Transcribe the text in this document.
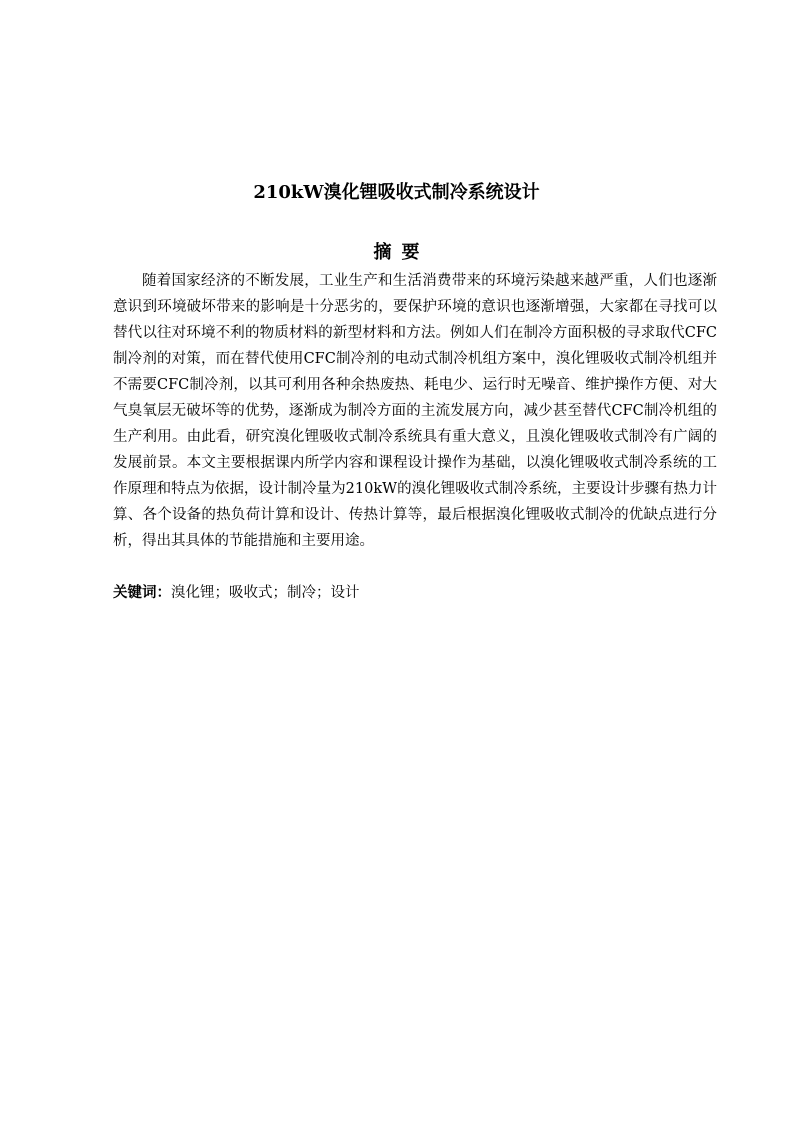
210kW溴化锂吸收式制冷系统设计
摘要

随着国家经济的不断发展，工业生产和生活消费带来的环境污染越来越严重，人们也逐渐意识到环境破坏带来的影响是十分恶劣的，要保护环境的意识也逐渐增强，大家都在寻找可以替代以往对环境不利的物质材料的新型材料和方法。例如人们在制冷方面积极的寻求取代CFC制冷剂的对策，而在替代使用CFC制冷剂的电动式制冷机组方案中，溴化锂吸收式制冷机组并不需要CFC制冷剂，以其可利用各种余热废热、耗电少、运行时无噪音、维护操作方便、对大气臭氧层无破坏等的优势，逐渐成为制冷方面的主流发展方向，减少甚至替代CFC制冷机组的生产利用。由此看，研究溴化锂吸收式制冷系统具有重大意义，且溴化锂吸收式制冷有广阔的发展前景。本文主要根据课内所学内容和课程设计操作为基础，以溴化锂吸收式制冷系统的工作原理和特点为依据，设计制冷量为210kW的溴化锂吸收式制冷系统，主要设计步骤有热力计算、各个设备的热负荷计算和设计、传热计算等，最后根据溴化锂吸收式制冷的优缺点进行分析，得出其具体的节能措施和主要用途。

关键词：溴化锂；吸收式；制冷；设计
